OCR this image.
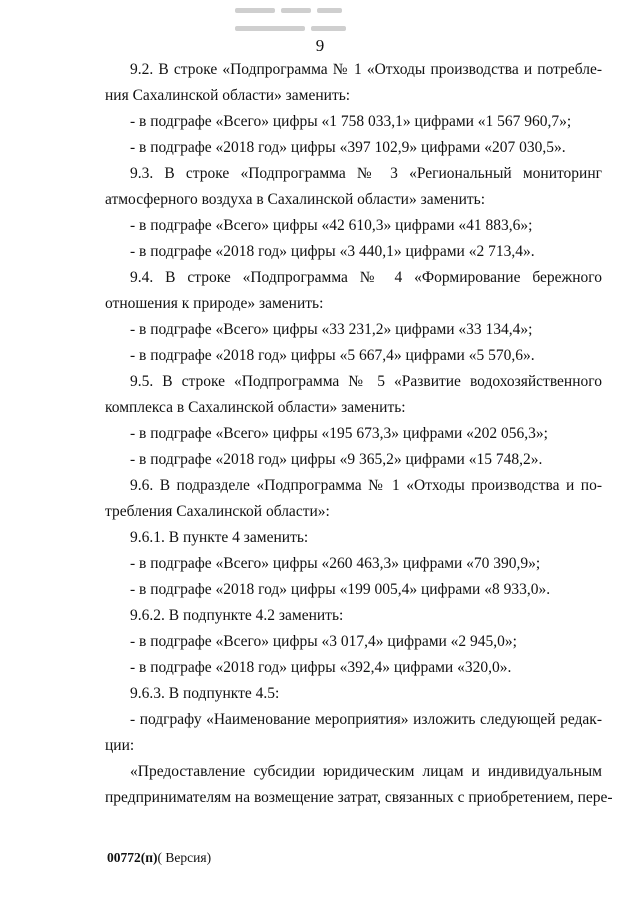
9
9.2. В строке «Подпрограмма № 1 «Отходы производства и потребле-
ния Сахалинской области» заменить:
- в подграфе «Всего» цифры «1 758 033,1» цифрами «1 567 960,7»;
- в подграфе «2018 год» цифры «397 102,9» цифрами «207 030,5».
9.3. В строке «Подпрограмма № 3 «Региональный мониторинг
атмосферного воздуха в Сахалинской области» заменить:
- в подграфе «Всего» цифры «42 610,3» цифрами «41 883,6»;
- в подграфе «2018 год» цифры «3 440,1» цифрами «2 713,4».
9.4. В строке «Подпрограмма № 4 «Формирование бережного
отношения к природе» заменить:
- в подграфе «Всего» цифры «33 231,2» цифрами «33 134,4»;
- в подграфе «2018 год» цифры «5 667,4» цифрами «5 570,6».
9.5. В строке «Подпрограмма № 5 «Развитие водохозяйственного
комплекса в Сахалинской области» заменить:
- в подграфе «Всего» цифры «195 673,3» цифрами «202 056,3»;
- в подграфе «2018 год» цифры «9 365,2» цифрами «15 748,2».
9.6. В подразделе «Подпрограмма № 1 «Отходы производства и по-
требления Сахалинской области»:
9.6.1. В пункте 4 заменить:
- в подграфе «Всего» цифры «260 463,3» цифрами «70 390,9»;
- в подграфе «2018 год» цифры «199 005,4» цифрами «8 933,0».
9.6.2. В подпункте 4.2 заменить:
- в подграфе «Всего» цифры «3 017,4» цифрами «2 945,0»;
- в подграфе «2018 год» цифры «392,4» цифрами «320,0».
9.6.3. В подпункте 4.5:
- подграфу «Наименование мероприятия» изложить следующей редак-
ции:
«Предоставление субсидии юридическим лицам и индивидуальным
предпринимателям на возмещение затрат, связанных с приобретением, пере-
00772(п)( Версия)
